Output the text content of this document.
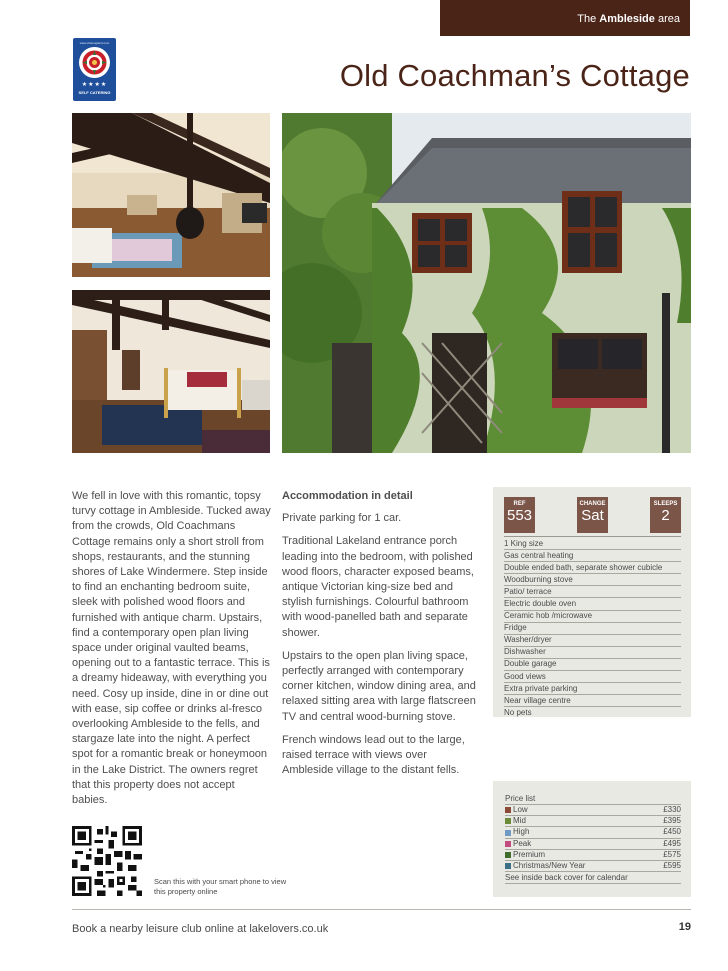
The Ambleside area
www.visitengland.com
★★★★
SELF CATERING	Old Coachman’s Cottage
We fell in love with this romantic, topsy turvy cottage in Ambleside. Tucked away from the crowds, Old Coachmans Cottage remains only a short stroll from shops, restaurants, and the stunning shores of Lake Windermere. Step inside to find an enchanting bedroom suite, sleek with polished wood floors and furnished with antique charm. Upstairs, find a contemporary open plan living space under original vaulted beams, opening out to a fantastic terrace. This is a dreamy hideaway, with everything you need. Cosy up inside, dine in or dine out with ease, sip coffee or drinks al-fresco overlooking Ambleside to the fells, and stargaze late into the night. A perfect spot for a romantic break or honeymoon in the Lake District. The owners regret that this property does not accept babies.
Accommodation in detail

Private parking for 1 car.

Traditional Lakeland entrance porch leading into the bedroom, with polished wood floors, character exposed beams, antique Victorian king-size bed and stylish furnishings. Colourful bathroom with wood-panelled bath and separate shower.

Upstairs to the open plan living space, perfectly arranged with contemporary corner kitchen, window dining area, and relaxed sitting area with large flatscreen TV and central wood-burning stove.

French windows lead out to the large, raised terrace with views over Ambleside village to the distant fells.

REF
553
CHANGE
Sat
SLEEPS
2
1 King size
Gas central heating
Double ended bath, separate shower cubicle
Woodburning stove
Patio/ terrace
Electric double oven
Ceramic hob /microwave
Fridge
Washer/dryer
Dishwasher
Double garage
Good views
Extra private parking
Near village centre
No pets
Price list
Low	£330
Mid	£395
High	£450
Peak	£495
Premium	£575
Christmas/New Year	£595
See inside back cover for calendar
Scan this with your smart phone to view this property online
Book a nearby leisure club online at lakelovers.co.uk	19
